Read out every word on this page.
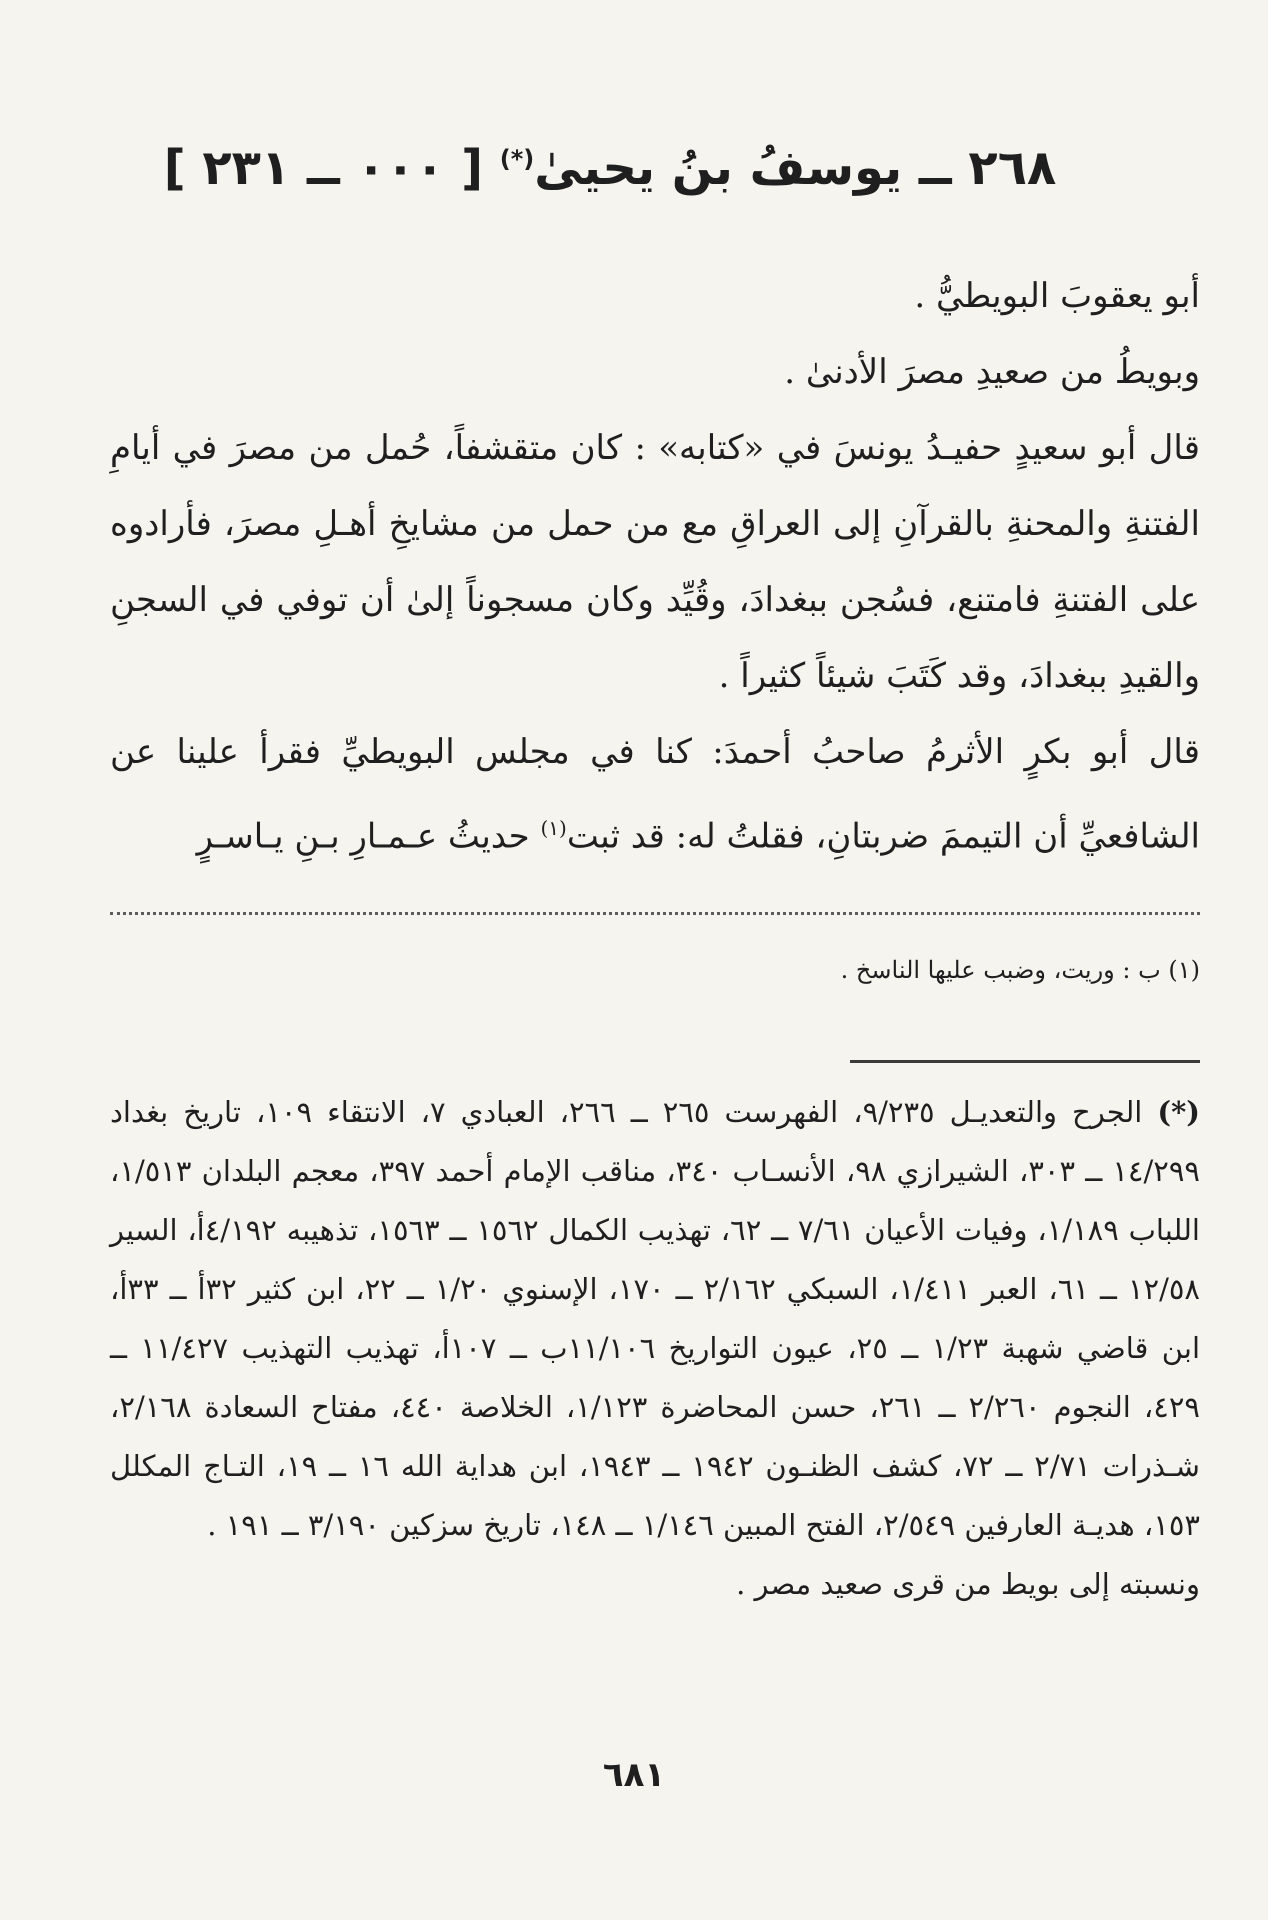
٢٦٨ ــ يوسفُ بنُ يحيىٰ(*) [ ٠٠٠ ــ ٢٣١ ]

أبو يعقوبَ البويطيُّ .

وبويطُ من صعيدِ مصرَ الأدنىٰ .

قال أبو سعيدٍ حفيـدُ يونسَ في «كتابه» : كان متقشفاً، حُمل من مصرَ في أيامِ الفتنةِ والمحنةِ بالقرآنِ إلى العراقِ مع من حمل من مشايخِ أهـلِ مصرَ، فأرادوه على الفتنةِ فامتنع، فسُجن ببغدادَ، وقُيِّد وكان مسجوناً إلىٰ أن توفي في السجنِ والقيدِ ببغدادَ، وقد كَتَبَ شيئاً كثيراً .

قال أبو بكرٍ الأثرمُ صاحبُ أحمدَ: كنا في مجلس البويطيِّ فقرأ علينا عن الشافعيِّ أن التيممَ ضربتانِ، فقلتُ له: قد ثبت$^{(١)}$ حديثُ عـمـارِ بـنِ يـاسـرٍ

(١) ب : وريت، وضبب عليها الناسخ .

(*) الجرح والتعديـل ٩/٢٣٥، الفهرست ٢٦٥ ــ ٢٦٦، العبادي ٧، الانتقاء ١٠٩، تاريخ بغداد ١٤/٢٩٩ ــ ٣٠٣، الشيرازي ٩٨، الأنسـاب ٣٤٠، مناقب الإمام أحمد ٣٩٧، معجم البلدان ١/٥١٣، اللباب ١/١٨٩، وفيات الأعيان ٧/٦١ ــ ٦٢، تهذيب الكمال ١٥٦٢ ــ ١٥٦٣، تذهيبه ٤/١٩٢أ، السير ١٢/٥٨ ــ ٦١، العبر ١/٤١١، السبكي ٢/١٦٢ ــ ١٧٠، الإسنوي ١/٢٠ ــ ٢٢، ابن كثير ٣٢أ ــ ٣٣أ، ابن قاضي شهبة ١/٢٣ ــ ٢٥، عيون التواريخ ١١/١٠٦ب ــ ١٠٧أ، تهذيب التهذيب ١١/٤٢٧ ــ ٤٢٩، النجوم ٢/٢٦٠ ــ ٢٦١، حسن المحاضرة ١/١٢٣، الخلاصة ٤٤٠، مفتاح السعادة ٢/١٦٨، شـذرات ٢/٧١ ــ ٧٢، كشف الظنـون ١٩٤٢ ــ ١٩٤٣، ابن هداية الله ١٦ ــ ١٩، التـاج المكلل ١٥٣، هديـة العارفين ٢/٥٤٩، الفتح المبين ١/١٤٦ ــ ١٤٨، تاريخ سزكين ٣/١٩٠ ــ ١٩١ .

ونسبته إلى بويط من قرى صعيد مصر .

٦٨١
